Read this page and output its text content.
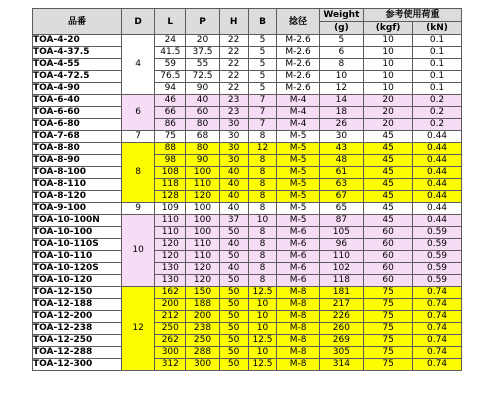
品番	D	L	P	H	B	捻径	Weight	参考使用荷重	
							(g)	(kgf)	(kN)
TOA-4-20	4	24	20	22	5	M-2.6	5	10	0.1
TOA-4-37.5		41.5	37.5	22	5	M-2.6	6	10	0.1
TOA-4-55		59	55	22	5	M-2.6	8	10	0.1
TOA-4-72.5		76.5	72.5	22	5	M-2.6	10	10	0.1
TOA-4-90		94	90	22	5	M-2.6	12	10	0.1
TOA-6-40	6	46	40	23	7	M-4	14	20	0.2
TOA-6-60		66	60	23	7	M-4	18	20	0.2
TOA-6-80		86	80	30	7	M-4	26	20	0.2
TOA-7-68	7	75	68	30	8	M-5	30	45	0.44
TOA-8-80	8	88	80	30	12	M-5	43	45	0.44
TOA-8-90		98	90	30	8	M-5	48	45	0.44
TOA-8-100		108	100	40	8	M-5	61	45	0.44
TOA-8-110		118	110	40	8	M-5	63	45	0.44
TOA-8-120		128	120	40	8	M-5	67	45	0.44
TOA-9-100	9	109	100	40	8	M-5	65	45	0.44
TOA-10-100N	10	110	100	37	10	M-5	87	45	0.44
TOA-10-100		110	100	50	8	M-6	105	60	0.59
TOA-10-110S		120	110	40	8	M-6	96	60	0.59
TOA-10-110		120	110	50	8	M-6	110	60	0.59
TOA-10-120S		130	120	40	8	M-6	102	60	0.59
TOA-10-120		130	120	50	8	M-6	118	60	0.59
TOA-12-150	12	162	150	50	12.5	M-8	181	75	0.74
TOA-12-188		200	188	50	10	M-8	217	75	0.74
TOA-12-200		212	200	50	10	M-8	226	75	0.74
TOA-12-238		250	238	50	10	M-8	260	75	0.74
TOA-12-250		262	250	50	12.5	M-8	269	75	0.74
TOA-12-288		300	288	50	10	M-8	305	75	0.74
TOA-12-300		312	300	50	12.5	M-8	314	75	0.74
